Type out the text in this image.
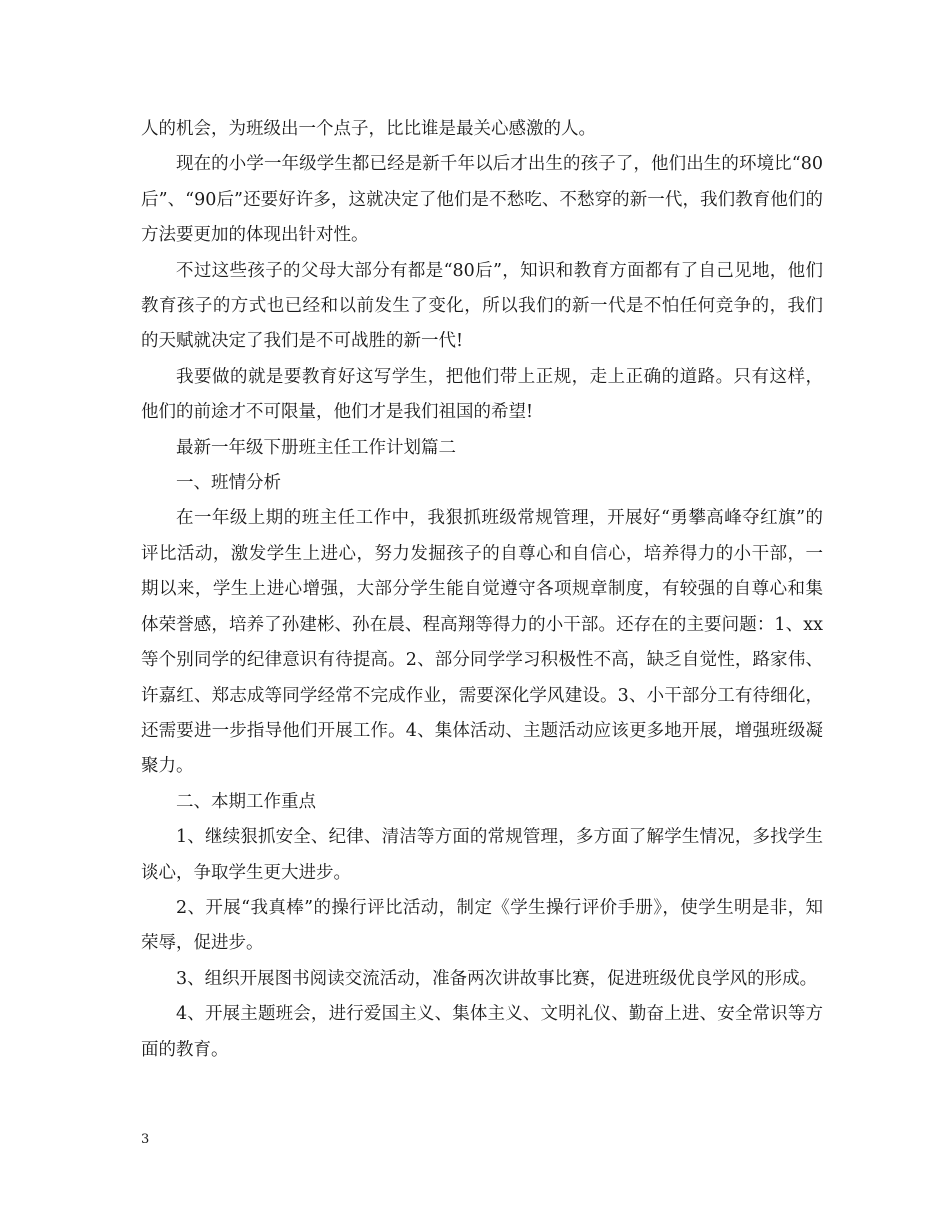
人的机会，为班级出一个点子，比比谁是最关心感激的人。

现在的小学一年级学生都已经是新千年以后才出生的孩子了，他们出生的环境比“80后”、“90后”还要好许多，这就决定了他们是不愁吃、不愁穿的新一代，我们教育他们的方法要更加的体现出针对性。

不过这些孩子的父母大部分有都是“80后”，知识和教育方面都有了自己见地，他们教育孩子的方式也已经和以前发生了变化，所以我们的新一代是不怕任何竞争的，我们的天赋就决定了我们是不可战胜的新一代!

我要做的就是要教育好这写学生，把他们带上正规，走上正确的道路。只有这样，他们的前途才不可限量，他们才是我们祖国的希望!

最新一年级下册班主任工作计划篇二

一、班情分析

在一年级上期的班主任工作中，我狠抓班级常规管理，开展好“勇攀高峰夺红旗”的评比活动，激发学生上进心，努力发掘孩子的自尊心和自信心，培养得力的小干部，一期以来，学生上进心增强，大部分学生能自觉遵守各项规章制度，有较强的自尊心和集体荣誉感，培养了孙建彬、孙在晨、程高翔等得力的小干部。还存在的主要问题：1、xx等个别同学的纪律意识有待提高。2、部分同学学习积极性不高，缺乏自觉性，路家伟、许嘉红、郑志成等同学经常不完成作业，需要深化学风建设。3、小干部分工有待细化，还需要进一步指导他们开展工作。4、集体活动、主题活动应该更多地开展，增强班级凝聚力。

二、本期工作重点

1、继续狠抓安全、纪律、清洁等方面的常规管理，多方面了解学生情况，多找学生谈心，争取学生更大进步。

2、开展“我真棒”的操行评比活动，制定《学生操行评价手册》，使学生明是非，知荣辱，促进步。

3、组织开展图书阅读交流活动，准备两次讲故事比赛，促进班级优良学风的形成。

4、开展主题班会，进行爱国主义、集体主义、文明礼仪、勤奋上进、安全常识等方面的教育。

3
